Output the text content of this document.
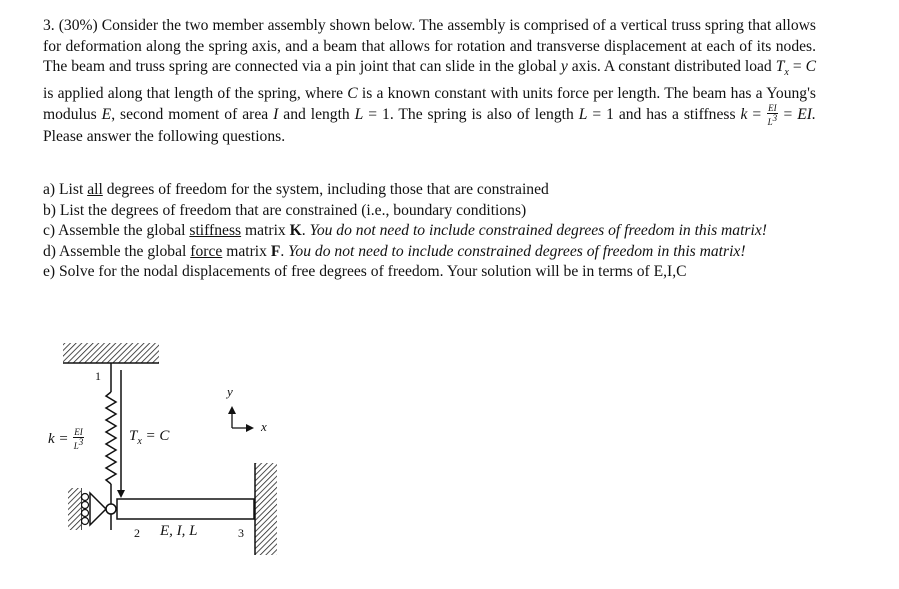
3. (30%) Consider the two member assembly shown below. The assembly is comprised of a vertical truss spring that allows for deformation along the spring axis, and a beam that allows for rotation and transverse displacement at each of its nodes. The beam and truss spring are connected via a pin joint that can slide in the global y axis. A constant distributed load $T_x = C$ is applied along that length of the spring, where C is a known constant with units force per length. The beam has a Young's modulus E, second moment of area I and length L = 1. The spring is also of length L = 1 and has a stiffness $k = \frac{EI}{L^3}$ = EI. Please answer the following questions.
a) List all degrees of freedom for the system, including those that are constrained
b) List the degrees of freedom that are constrained (i.e., boundary conditions)
c) Assemble the global stiffness matrix K. You do not need to include constrained degrees of freedom in this matrix!
d) Assemble the global force matrix F. You do not need to include constrained degrees of freedom in this matrix!
e) Solve for the nodal displacements of free degrees of freedom. Your solution will be in terms of E,I,C
1
2	3
$k = \frac{EI}{L^3}$	$T_x = C$
E, I, L
y
x
